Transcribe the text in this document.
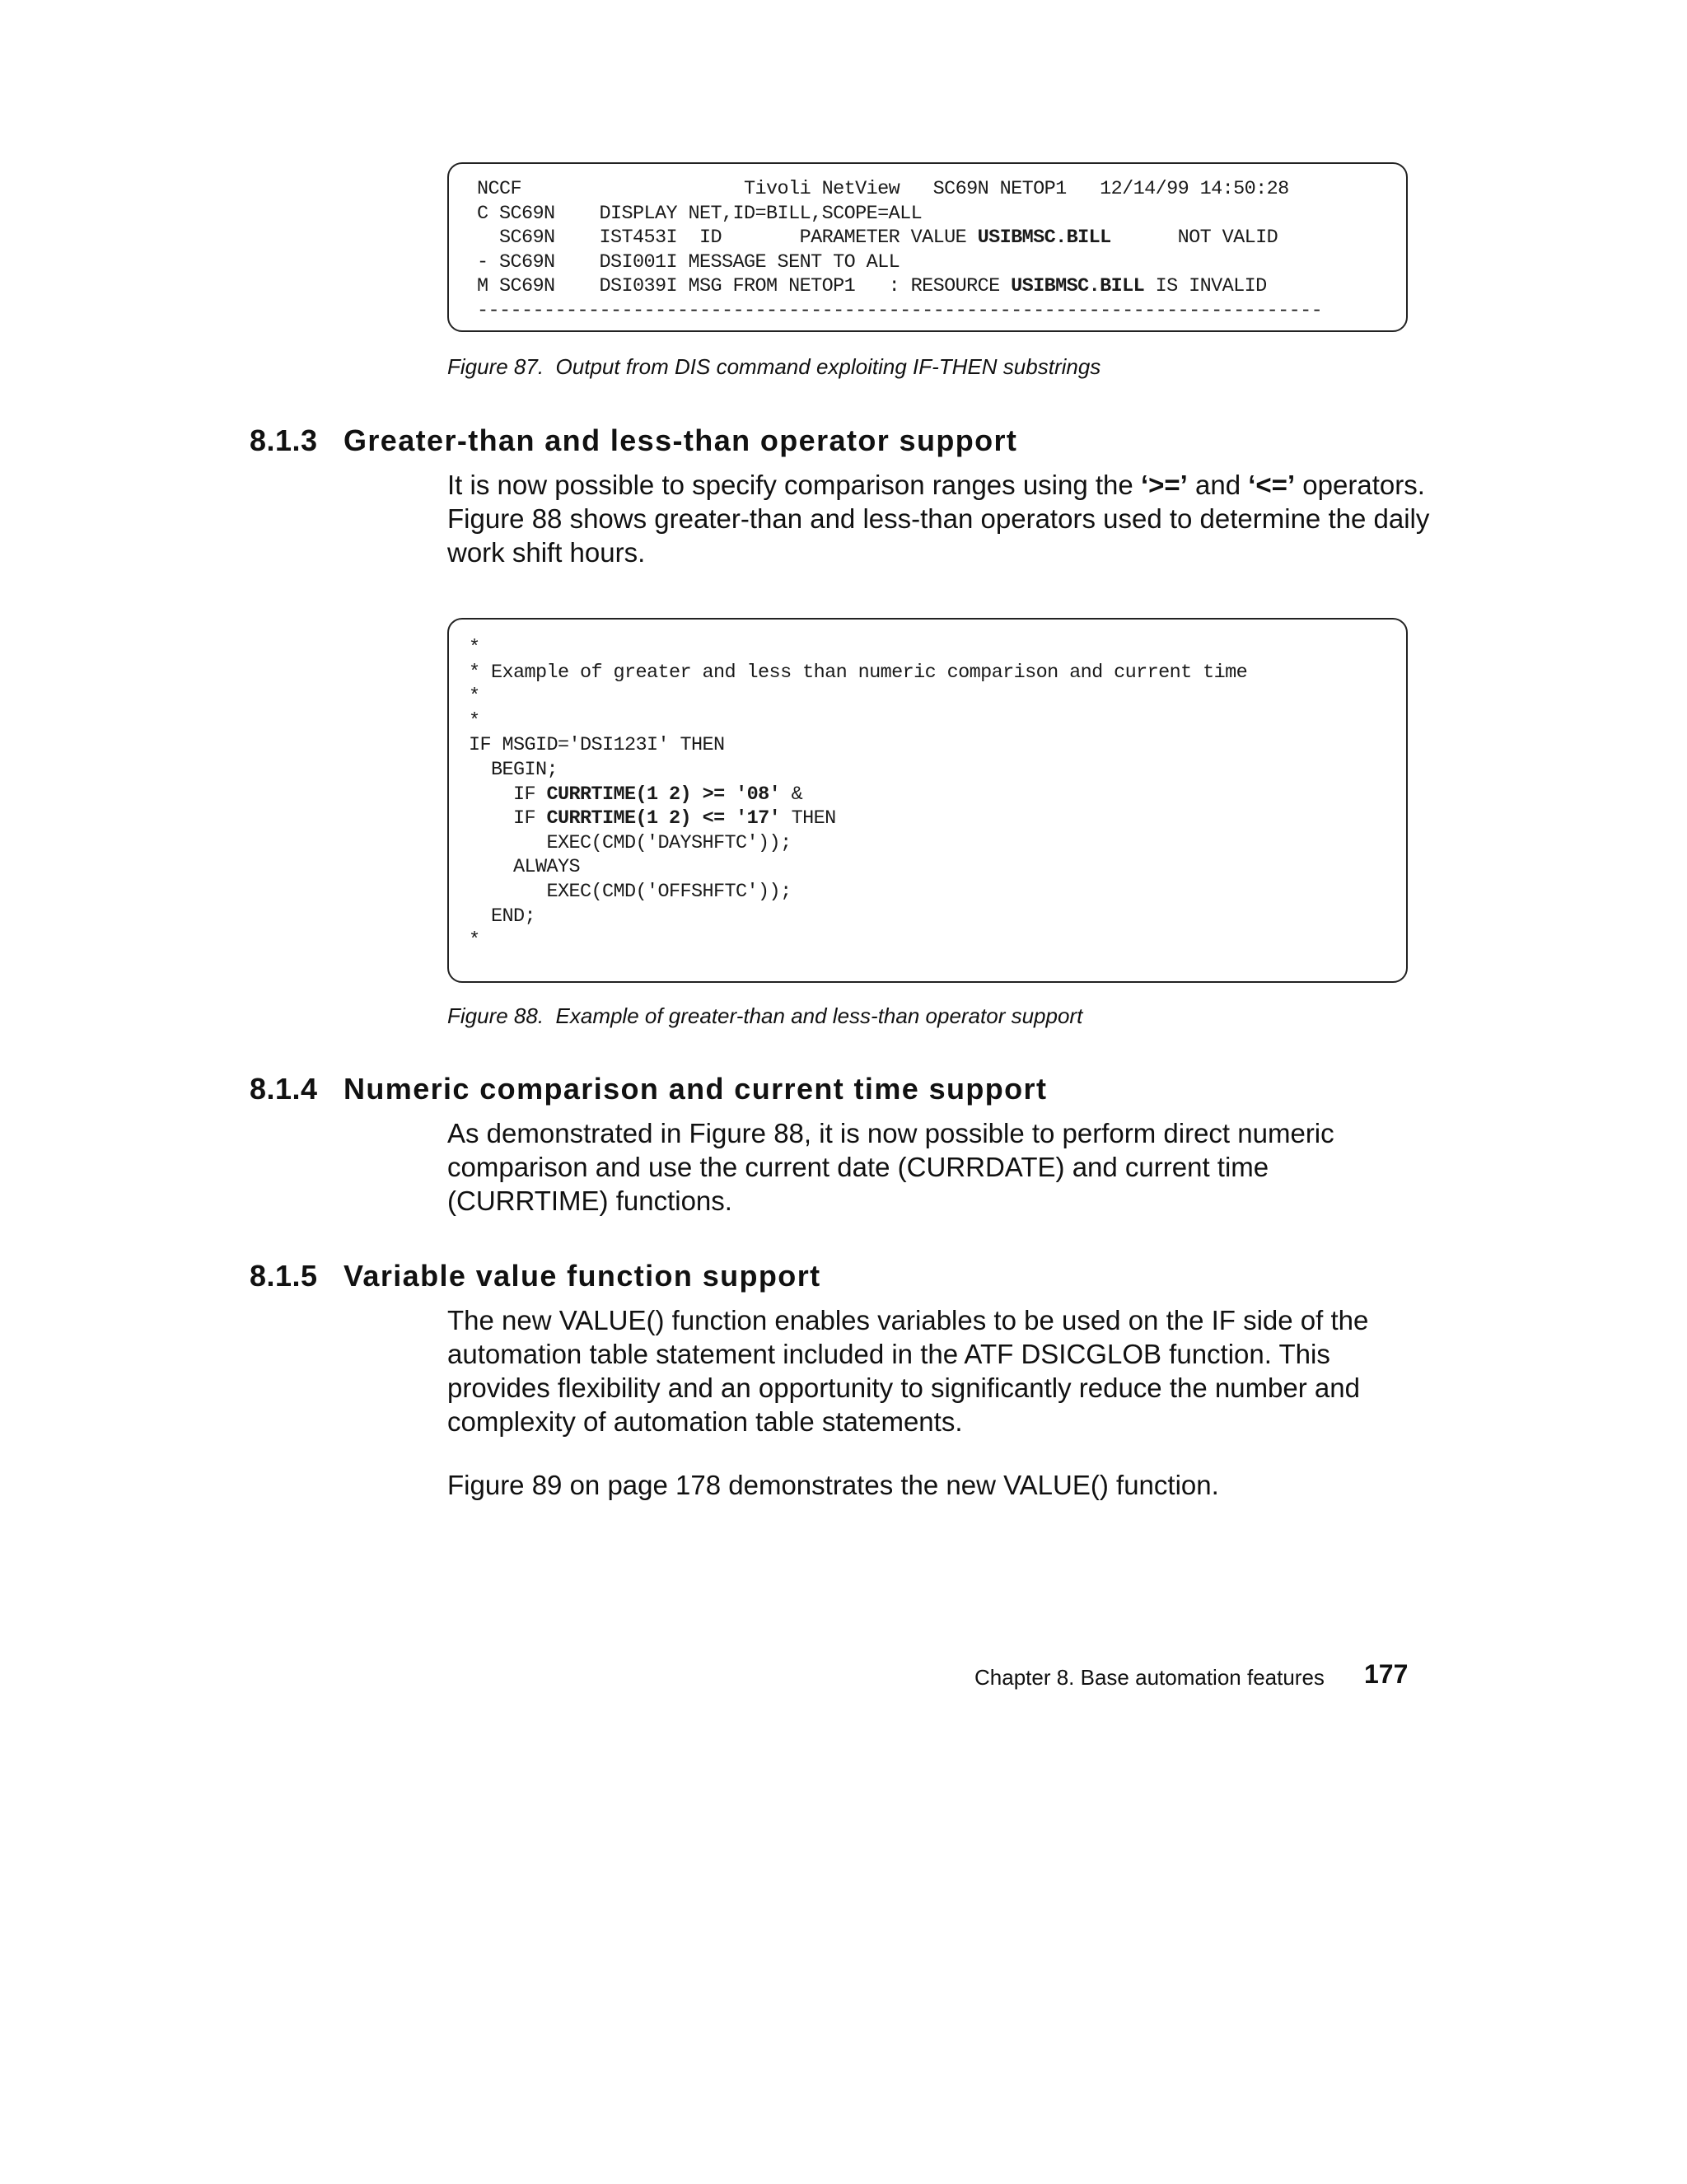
NCCF                    Tivoli NetView   SC69N NETOP1   12/14/99 14:50:28
C SC69N    DISPLAY NET,ID=BILL,SCOPE=ALL
SC69N    IST453I  ID       PARAMETER VALUE USIBMSC.BILL      NOT VALID
- SC69N    DSI001I MESSAGE SENT TO ALL
M SC69N    DSI039I MSG FROM NETOP1   : RESOURCE USIBMSC.BILL IS INVALID
----------------------------------------------------------------------------
Figure 87.  Output from DIS command exploiting IF-THEN substrings
8.1.3 Greater-than and less-than operator support

It is now possible to specify comparison ranges using the ‘>=’ and ‘<=’ operators. Figure 88 shows greater-than and less-than operators used to determine the daily work shift hours.

*
* Example of greater and less than numeric comparison and current time
*
*
IF MSGID='DSI123I' THEN
BEGIN;
IF CURRTIME(1 2) >= '08' &
IF CURRTIME(1 2) <= '17' THEN
EXEC(CMD('DAYSHFTC'));
ALWAYS
EXEC(CMD('OFFSHFTC'));
END;
*
Figure 88.  Example of greater-than and less-than operator support
8.1.4 Numeric comparison and current time support

As demonstrated in Figure 88, it is now possible to perform direct numeric comparison and use the current date (CURRDATE) and current time (CURRTIME) functions.

8.1.5 Variable value function support

The new VALUE() function enables variables to be used on the IF side of the automation table statement included in the ATF DSICGLOB function. This provides flexibility and an opportunity to significantly reduce the number and complexity of automation table statements.

Figure 89 on page 178 demonstrates the new VALUE() function.

Chapter 8. Base automation features 177
